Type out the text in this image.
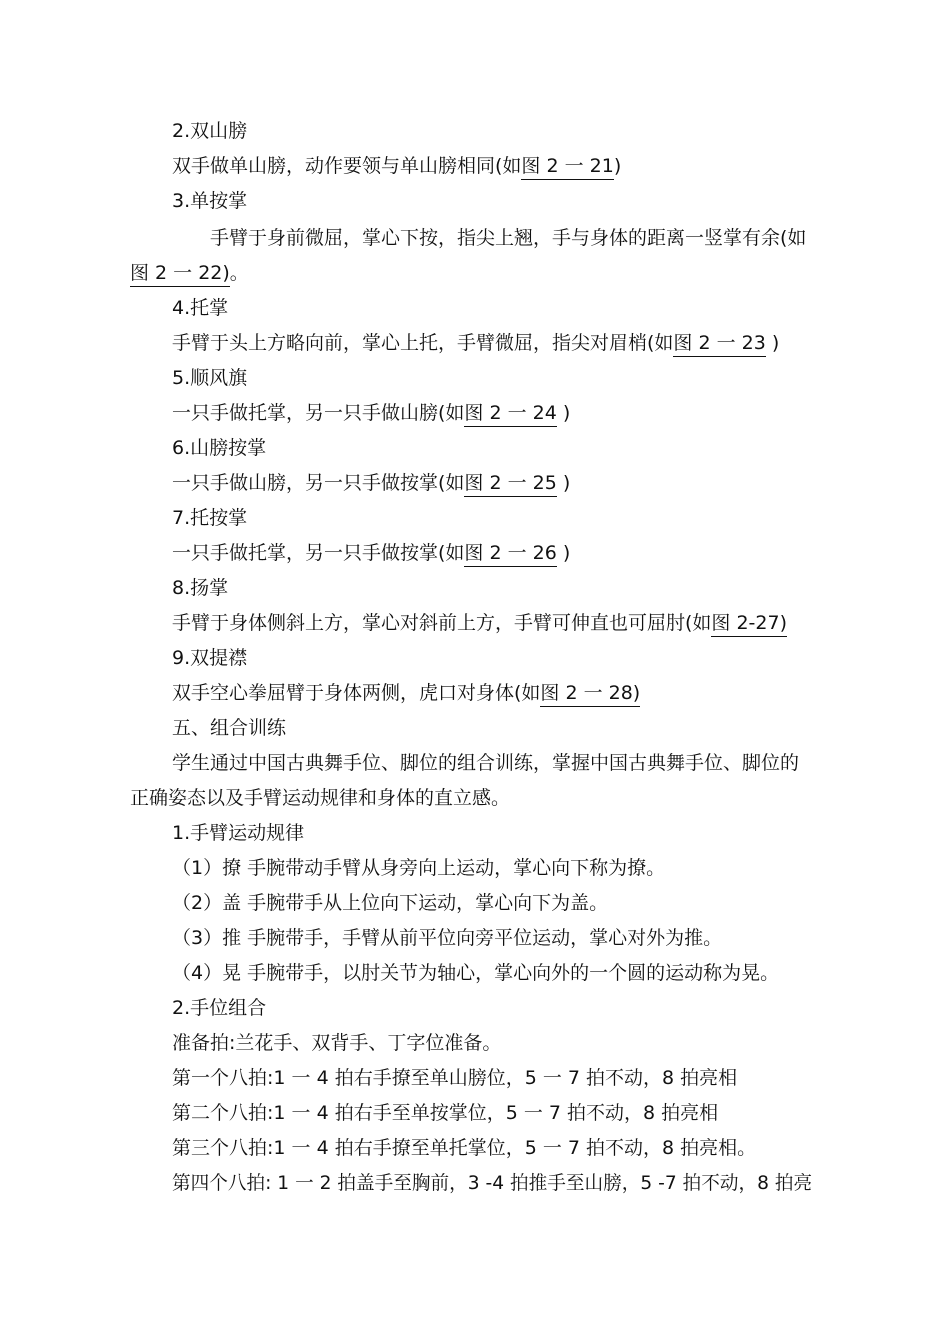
2.双山膀
双手做单山膀，动作要领与单山膀相同(如图 2 一 21)
3.单按掌
手臂于身前微屈，掌心下按，指尖上翘，手与身体的距离一竖掌有余(如
图 2 一 22)。
4.托掌
手臂于头上方略向前，掌心上托，手臂微屈，指尖对眉梢(如图 2 一 23 )
5.顺风旗
一只手做托掌，另一只手做山膀(如图 2 一 24 )
6.山膀按掌
一只手做山膀，另一只手做按掌(如图 2 一 25 )
7.托按掌
一只手做托掌，另一只手做按掌(如图 2 一 26 )
8.扬掌
手臂于身体侧斜上方，掌心对斜前上方，手臂可伸直也可屈肘(如图 2-27)
9.双提襟
双手空心拳屈臂于身体两侧，虎口对身体(如图 2 一 28)
五、组合训练
学生通过中国古典舞手位、脚位的组合训练，掌握中国古典舞手位、脚位的
正确姿态以及手臂运动规律和身体的直立感。
1.手臂运动规律
（1）撩 手腕带动手臂从身旁向上运动，掌心向下称为撩。
（2）盖 手腕带手从上位向下运动，掌心向下为盖。
（3）推 手腕带手，手臂从前平位向旁平位运动，掌心对外为推。
（4）晃 手腕带手，以肘关节为轴心，掌心向外的一个圆的运动称为晃。
2.手位组合
准备拍:兰花手、双背手、丁字位准备。
第一个八拍:1 一 4 拍右手撩至单山膀位，5 一 7 拍不动，8 拍亮相
第二个八拍:1 一 4 拍右手至单按掌位，5 一 7 拍不动，8 拍亮相
第三个八拍:1 一 4 拍右手撩至单托掌位，5 一 7 拍不动，8 拍亮相。
第四个八拍: 1 一 2 拍盖手至胸前，3 -4 拍推手至山膀，5 -7 拍不动，8 拍亮
